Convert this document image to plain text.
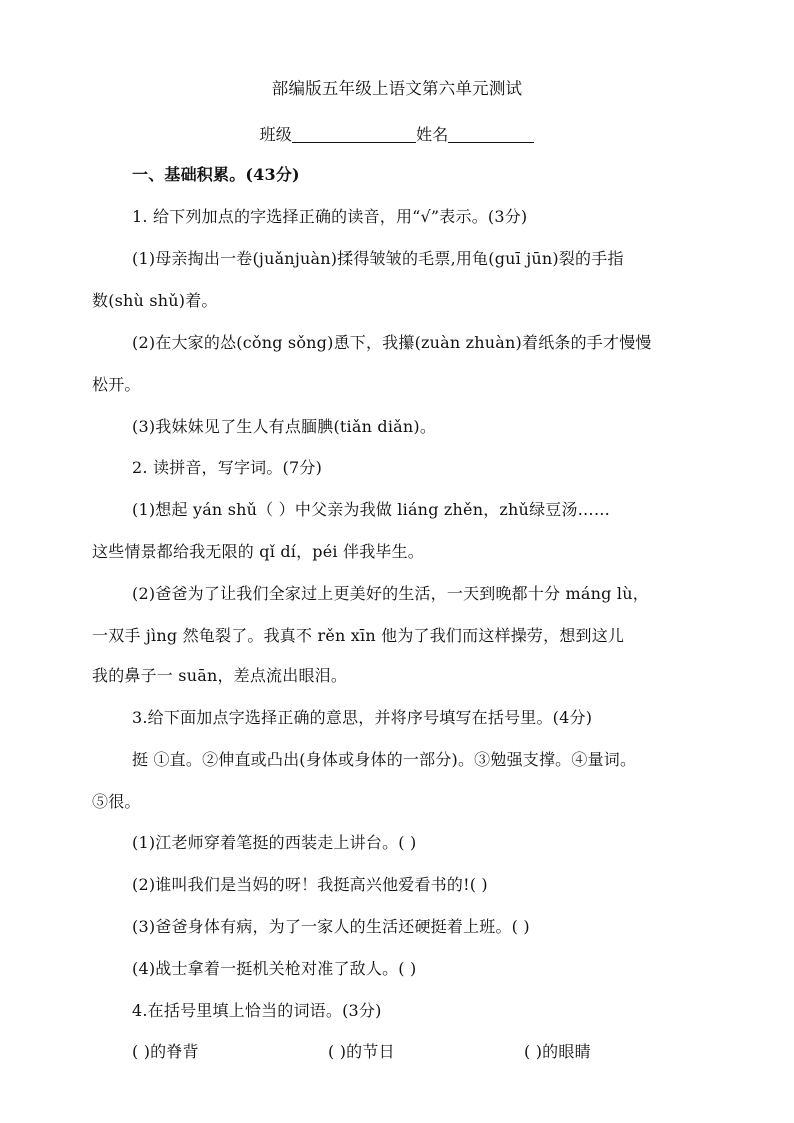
部编版五年级上语文第六单元测试
班级	姓名
一、基础积累。(43分)
1. 给下列加点的字选择正确的读音，用“√”表示。(3分)
(1)母亲掏出一卷(juǎnjuàn)揉得皱皱的毛票,用龟(guī jūn)裂的手指
数(shù shǔ)着。
(2)在大家的怂(cǒng sǒng)恿下，我攥(zuàn zhuàn)着纸条的手才慢慢
松开。
(3)我妹妹见了生人有点腼腆(tiǎn diǎn)。
2. 读拼音，写字词。(7分)
(1)想起 yán shǔ（ ）中父亲为我做 liáng zhěn，zhǔ绿豆汤……
这些情景都给我无限的 qǐ dí，péi 伴我毕生。
(2)爸爸为了让我们全家过上更美好的生活，一天到晚都十分 máng lù，
一双手 jìng 然龟裂了。我真不 rěn xīn 他为了我们而这样操劳，想到这儿
我的鼻子一 suān，差点流出眼泪。
3.给下面加点字选择正确的意思，并将序号填写在括号里。(4分)
挺 ①直。②伸直或凸出(身体或身体的一部分)。③勉强支撑。④量词。
⑤很。
(1)江老师穿着笔挺的西装走上讲台。( )
(2)谁叫我们是当妈的呀！我挺高兴他爱看书的!( )
(3)爸爸身体有病，为了一家人的生活还硬挺着上班。( )
(4)战士拿着一挺机关枪对准了敌人。( )
4.在括号里填上恰当的词语。(3分)
( )的脊背	( )的节日	( )的眼睛
